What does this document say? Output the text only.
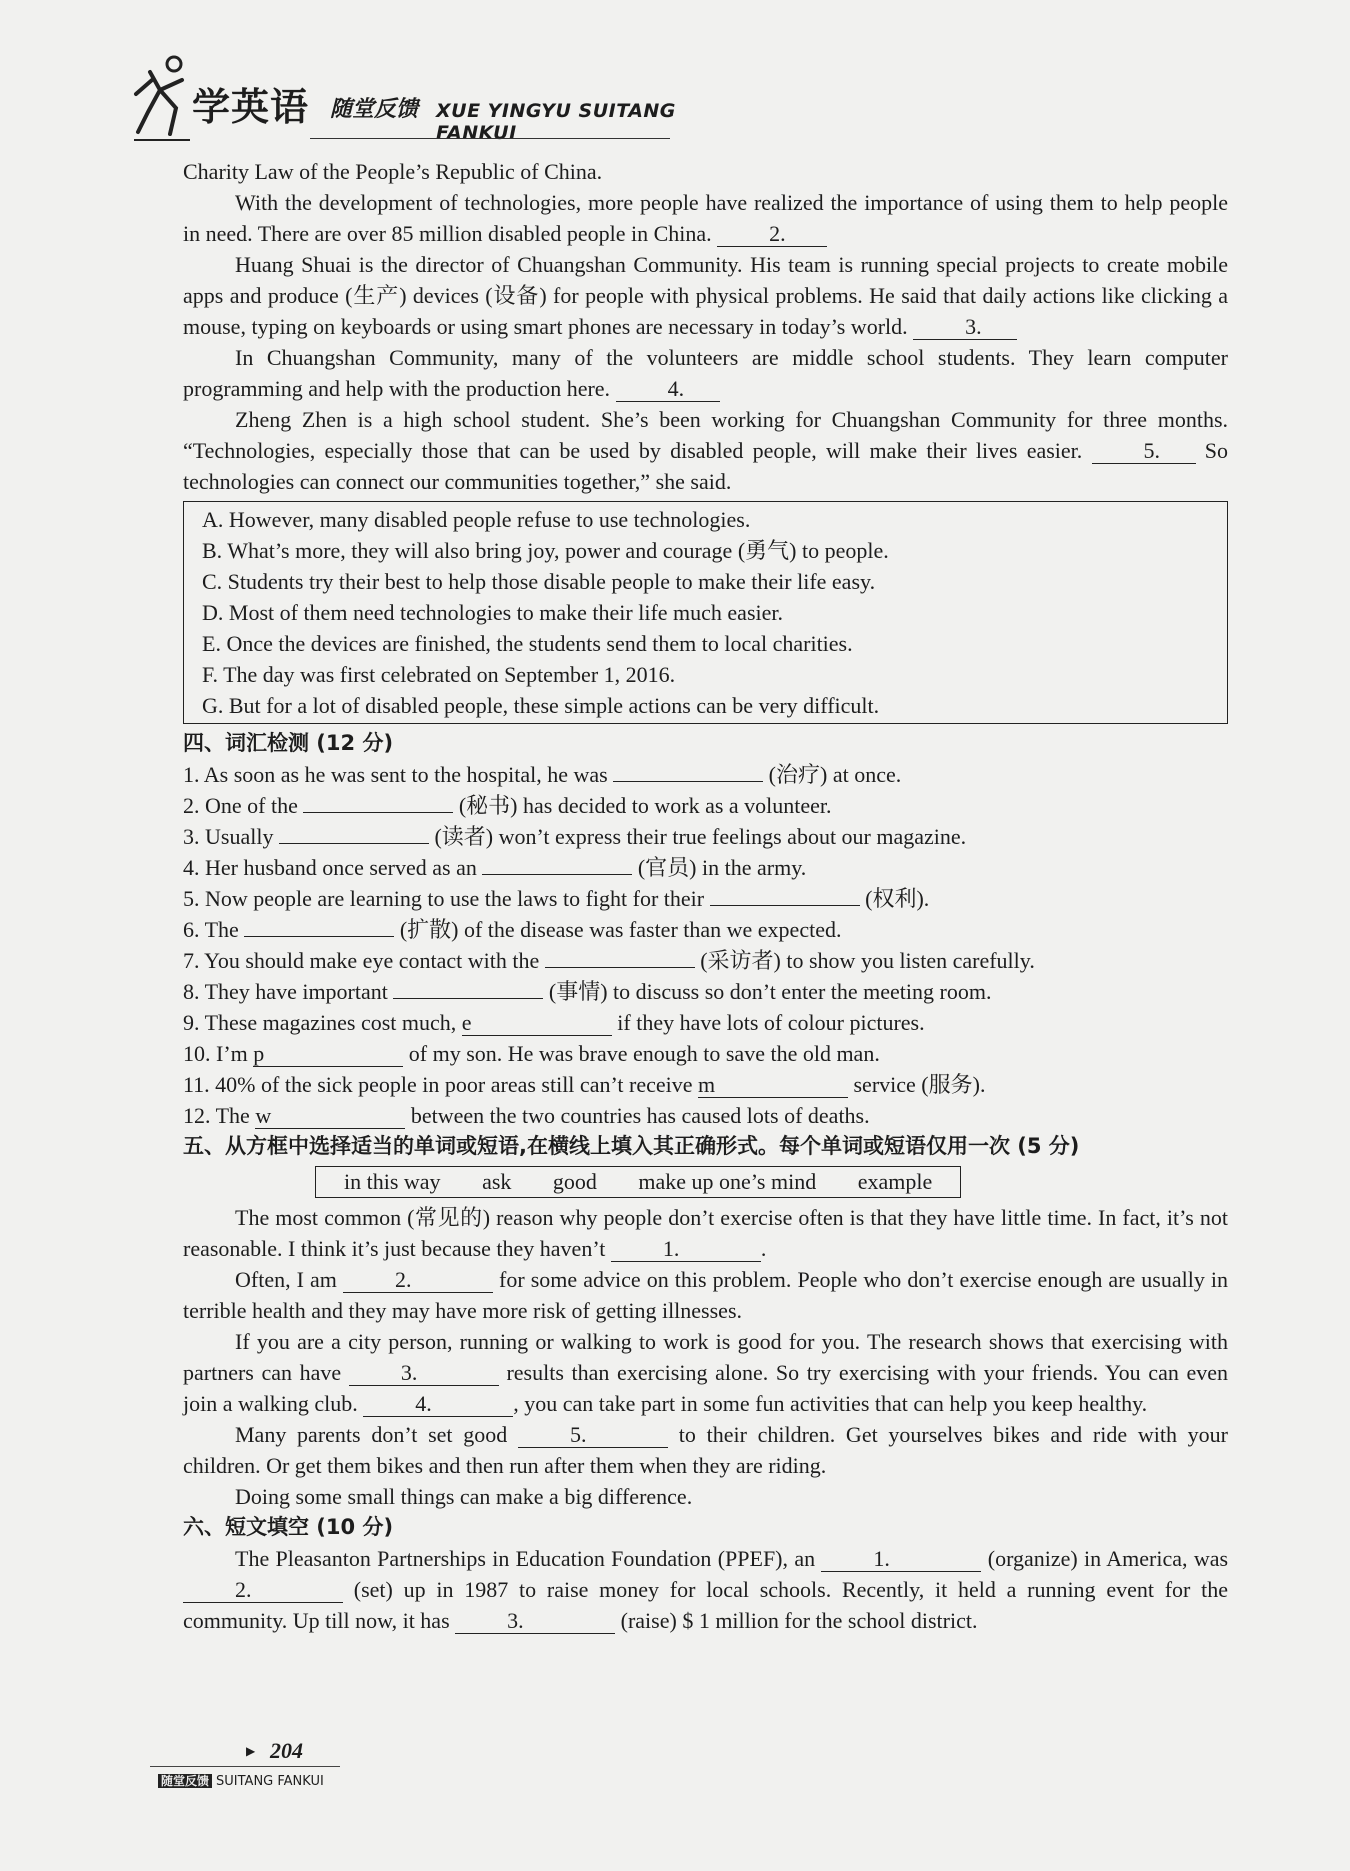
学英语 随堂反馈 XUE YINGYU SUITANG FANKUI

Charity Law of the People’s Republic of China.

With the development of technologies, more people have realized the importance of using them to help people in need. There are over 85 million disabled people in China.	2.

Huang Shuai is the director of Chuangshan Community. His team is running special projects to create mobile apps and produce (生产) devices (设备) for people with physical problems. He said that daily actions like clicking a mouse, typing on keyboards or using smart phones are necessary in today’s world.	3.

In Chuangshan Community, many of the volunteers are middle school students. They learn computer programming and help with the production here.	4.

Zheng Zhen is a high school student. She’s been working for Chuangshan Community for three months. “Technologies, especially those that can be used by disabled people, will make their lives easier.	5. So technologies can connect our communities together,” she said.

A. However, many disabled people refuse to use technologies.

B. What’s more, they will also bring joy, power and courage (勇气) to people.

C. Students try their best to help those disable people to make their life easy.

D. Most of them need technologies to make their life much easier.

E. Once the devices are finished, the students send them to local charities.

F. The day was first celebrated on September 1, 2016.

G. But for a lot of disabled people, these simple actions can be very difficult.

四、词汇检测 (12 分)

1. As soon as he was sent to the hospital, he was	(治疗) at once.

2. One of the	(秘书) has decided to work as a volunteer.

3. Usually	(读者) won’t express their true feelings about our magazine.

4. Her husband once served as an	(官员) in the army.

5. Now people are learning to use the laws to fight for their	(权利).

6. The	(扩散) of the disease was faster than we expected.

7. You should make eye contact with the	(采访者) to show you listen carefully.

8. They have important	(事情) to discuss so don’t enter the meeting room.

9. These magazines cost much, e	if they have lots of colour pictures.

10. I’m p	of my son. He was brave enough to save the old man.

11. 40% of the sick people in poor areas still can’t receive m	service (服务).

12. The w	between the two countries has caused lots of deaths.

五、从方框中选择适当的单词或短语,在横线上填入其正确形式。每个单词或短语仅用一次 (5 分)

in this way ask good make up one’s mind example

The most common (常见的) reason why people don’t exercise often is that they have little time. In fact, it’s not reasonable. I think it’s just because they haven’t	1.	.

Often, I am	2.	for some advice on this problem. People who don’t exercise enough are usually in terrible health and they may have more risk of getting illnesses.

If you are a city person, running or walking to work is good for you. The research shows that exercising with partners can have	3.	results than exercising alone. So try exercising with your friends. You can even join a walking club.	4.	, you can take part in some fun activities that can help you keep healthy.

Many parents don’t set good	5.	to their children. Get yourselves bikes and ride with your children. Or get them bikes and then run after them when they are riding.

Doing some small things can make a big difference.

六、短文填空 (10 分)

The Pleasanton Partnerships in Education Foundation (PPEF), an	1.	(organize) in America, was 2.	(set) up in 1987 to raise money for local schools. Recently, it held a running event for the community. Up till now, it has	3.	(raise) $ 1 million for the school district.

▶ 204
随堂反馈 SUITANG FANKUI
